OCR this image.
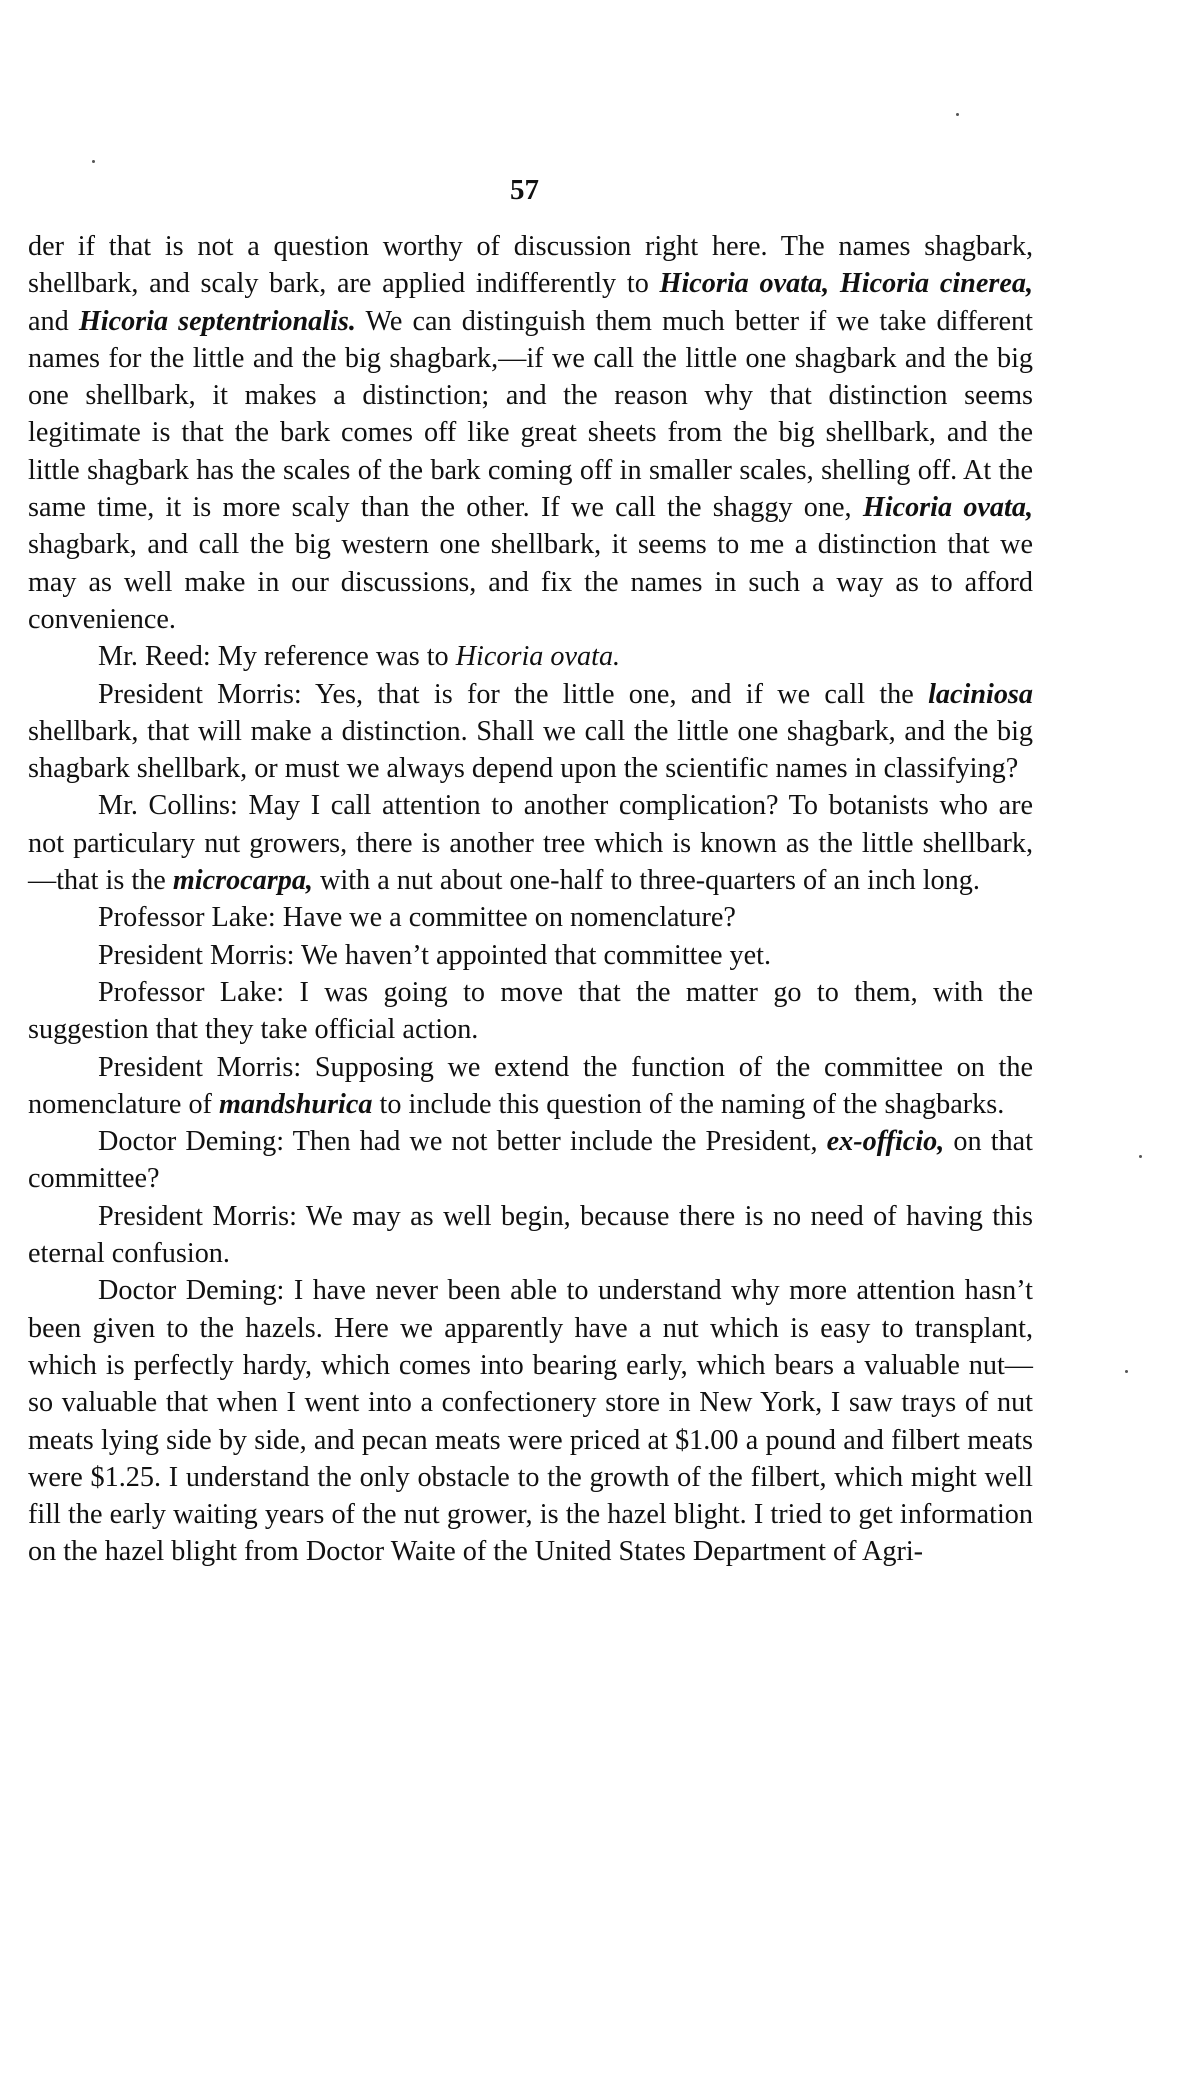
57

der if that is not a question worthy of discussion right here. The names shagbark, shellbark, and scaly bark, are applied indifferently to Hicoria ovata, Hicoria cinerea, and Hicoria septentrionalis. We can distinguish them much better if we take different names for the little and the big shagbark,—if we call the little one shagbark and the big one shellbark, it makes a distinction; and the reason why that distinction seems legitimate is that the bark comes off like great sheets from the big shellbark, and the little shagbark has the scales of the bark coming off in smaller scales, shelling off. At the same time, it is more scaly than the other. If we call the shaggy one, Hicoria ovata, shagbark, and call the big western one shellbark, it seems to me a distinction that we may as well make in our discussions, and fix the names in such a way as to afford convenience.

Mr. Reed: My reference was to Hicoria ovata.

President Morris: Yes, that is for the little one, and if we call the laciniosa shellbark, that will make a distinction. Shall we call the little one shagbark, and the big shagbark shellbark, or must we always depend upon the scientific names in classifying?

Mr. Collins: May I call attention to another complication? To botanists who are not particulary nut growers, there is another tree which is known as the little shellbark,—that is the microcarpa, with a nut about one-half to three-quarters of an inch long.

Professor Lake: Have we a committee on nomenclature?

President Morris: We haven’t appointed that committee yet.

Professor Lake: I was going to move that the matter go to them, with the suggestion that they take official action.

President Morris: Supposing we extend the function of the committee on the nomenclature of mandshurica to include this question of the naming of the shagbarks.

Doctor Deming: Then had we not better include the President, ex-officio, on that committee?

President Morris: We may as well begin, because there is no need of having this eternal confusion.

Doctor Deming: I have never been able to understand why more attention hasn’t been given to the hazels. Here we apparently have a nut which is easy to transplant, which is perfectly hardy, which comes into bearing early, which bears a valuable nut—so valuable that when I went into a confectionery store in New York, I saw trays of nut meats lying side by side, and pecan meats were priced at $1.00 a pound and filbert meats were $1.25. I understand the only obstacle to the growth of the filbert, which might well fill the early waiting years of the nut grower, is the hazel blight. I tried to get information on the hazel blight from Doctor Waite of the United States Department of Agri-
